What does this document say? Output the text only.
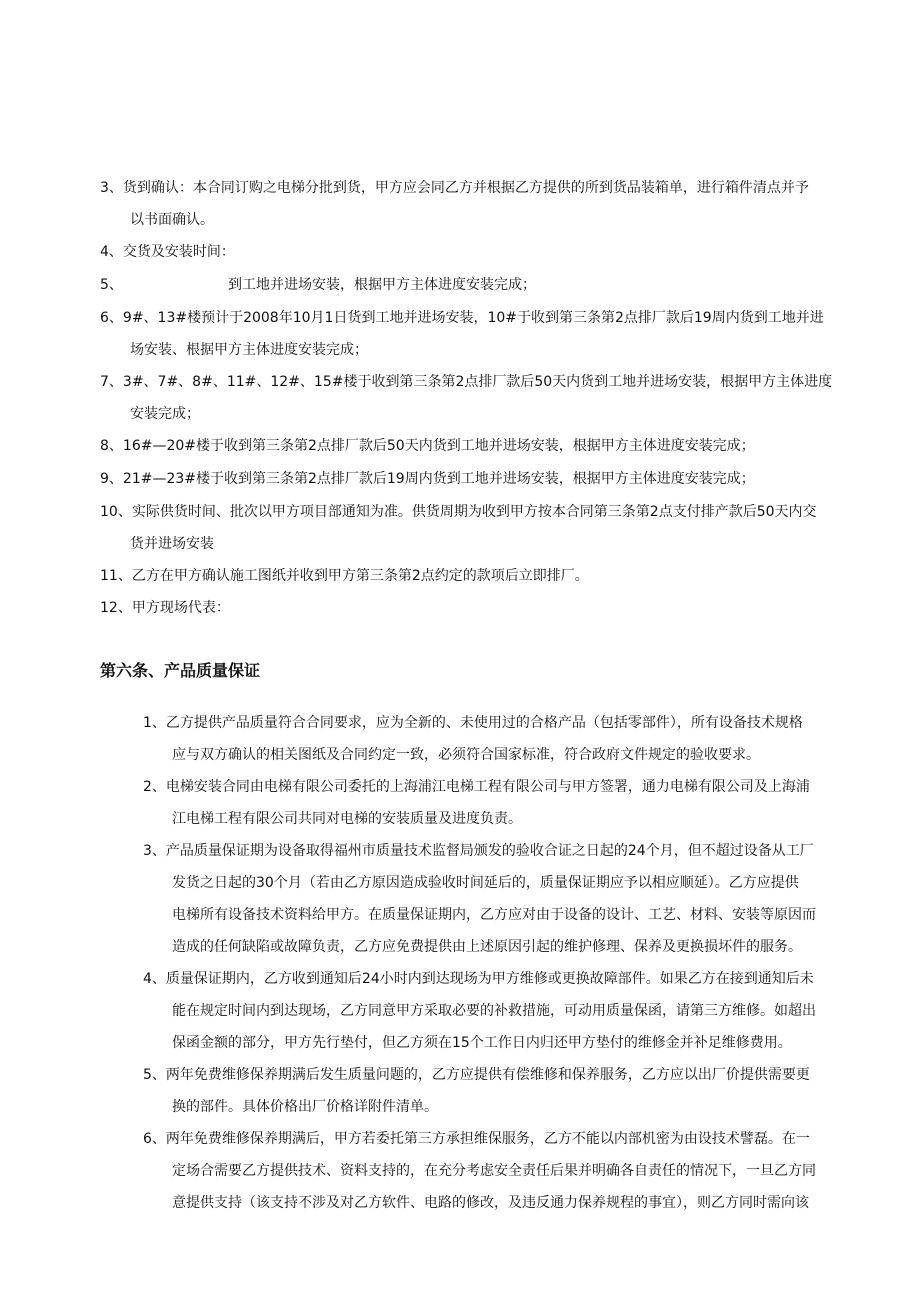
3、货到确认：本合同订购之电梯分批到货，甲方应会同乙方并根据乙方提供的所到货品装箱单，进行箱件清点并予
以书面确认。
4、交货及安装时间：
5、	到工地并进场安装，根据甲方主体进度安装完成；
6、9#、13#楼预计于2008年10月1日货到工地并进场安装，10#于收到第三条第2点排厂款后19周内货到工地并进
场安装、根据甲方主体进度安装完成；
7、3#、7#、8#、11#、12#、15#楼于收到第三条第2点排厂款后50天内货到工地并进场安装，根据甲方主体进度
安装完成；
8、16#—20#楼于收到第三条第2点排厂款后50天内货到工地并进场安装，根据甲方主体进度安装完成；
9、21#—23#楼于收到第三条第2点排厂款后19周内货到工地并进场安装，根据甲方主体进度安装完成；
10、实际供货时间、批次以甲方项目部通知为准。供货周期为收到甲方按本合同第三条第2点支付排产款后50天内交
货并进场安装
11、乙方在甲方确认施工图纸并收到甲方第三条第2点约定的款项后立即排厂。
12、甲方现场代表：
第六条、产品质量保证
1、乙方提供产品质量符合合同要求，应为全新的、未使用过的合格产品（包括零部件），所有设备技术规格
应与双方确认的相关图纸及合同约定一致，必须符合国家标准，符合政府文件规定的验收要求。
2、电梯安装合同由电梯有限公司委托的上海浦江电梯工程有限公司与甲方签署，通力电梯有限公司及上海浦
江电梯工程有限公司共同对电梯的安装质量及进度负责。
3、产品质量保证期为设备取得福州市质量技术监督局颁发的验收合证之日起的24个月，但不超过设备从工厂
发货之日起的30个月（若由乙方原因造成验收时间延后的，质量保证期应予以相应顺延）。乙方应提供
电梯所有设备技术资料给甲方。在质量保证期内，乙方应对由于设备的设计、工艺、材料、安装等原因而
造成的任何缺陷或故障负责，乙方应免费提供由上述原因引起的维护修理、保养及更换损坏件的服务。
4、质量保证期内，乙方收到通知后24小时内到达现场为甲方维修或更换故障部件。如果乙方在接到通知后未
能在规定时间内到达现场，乙方同意甲方采取必要的补救措施，可动用质量保函，请第三方维修。如超出
保函金额的部分，甲方先行垫付，但乙方须在15个工作日内归还甲方垫付的维修金并补足维修费用。
5、两年免费维修保养期满后发生质量问题的，乙方应提供有偿维修和保养服务，乙方应以出厂价提供需要更
换的部件。具体价格出厂价格详附件清单。
6、两年免费维修保养期满后，甲方若委托第三方承担维保服务，乙方不能以内部机密为由设技术譬磊。在一
定场合需要乙方提供技术、资料支持的，在充分考虑安全责任后果并明确各自责任的情况下，一旦乙方同
意提供支持（该支持不涉及对乙方软件、电路的修改，及违反通力保养规程的事宜），则乙方同时需向该
